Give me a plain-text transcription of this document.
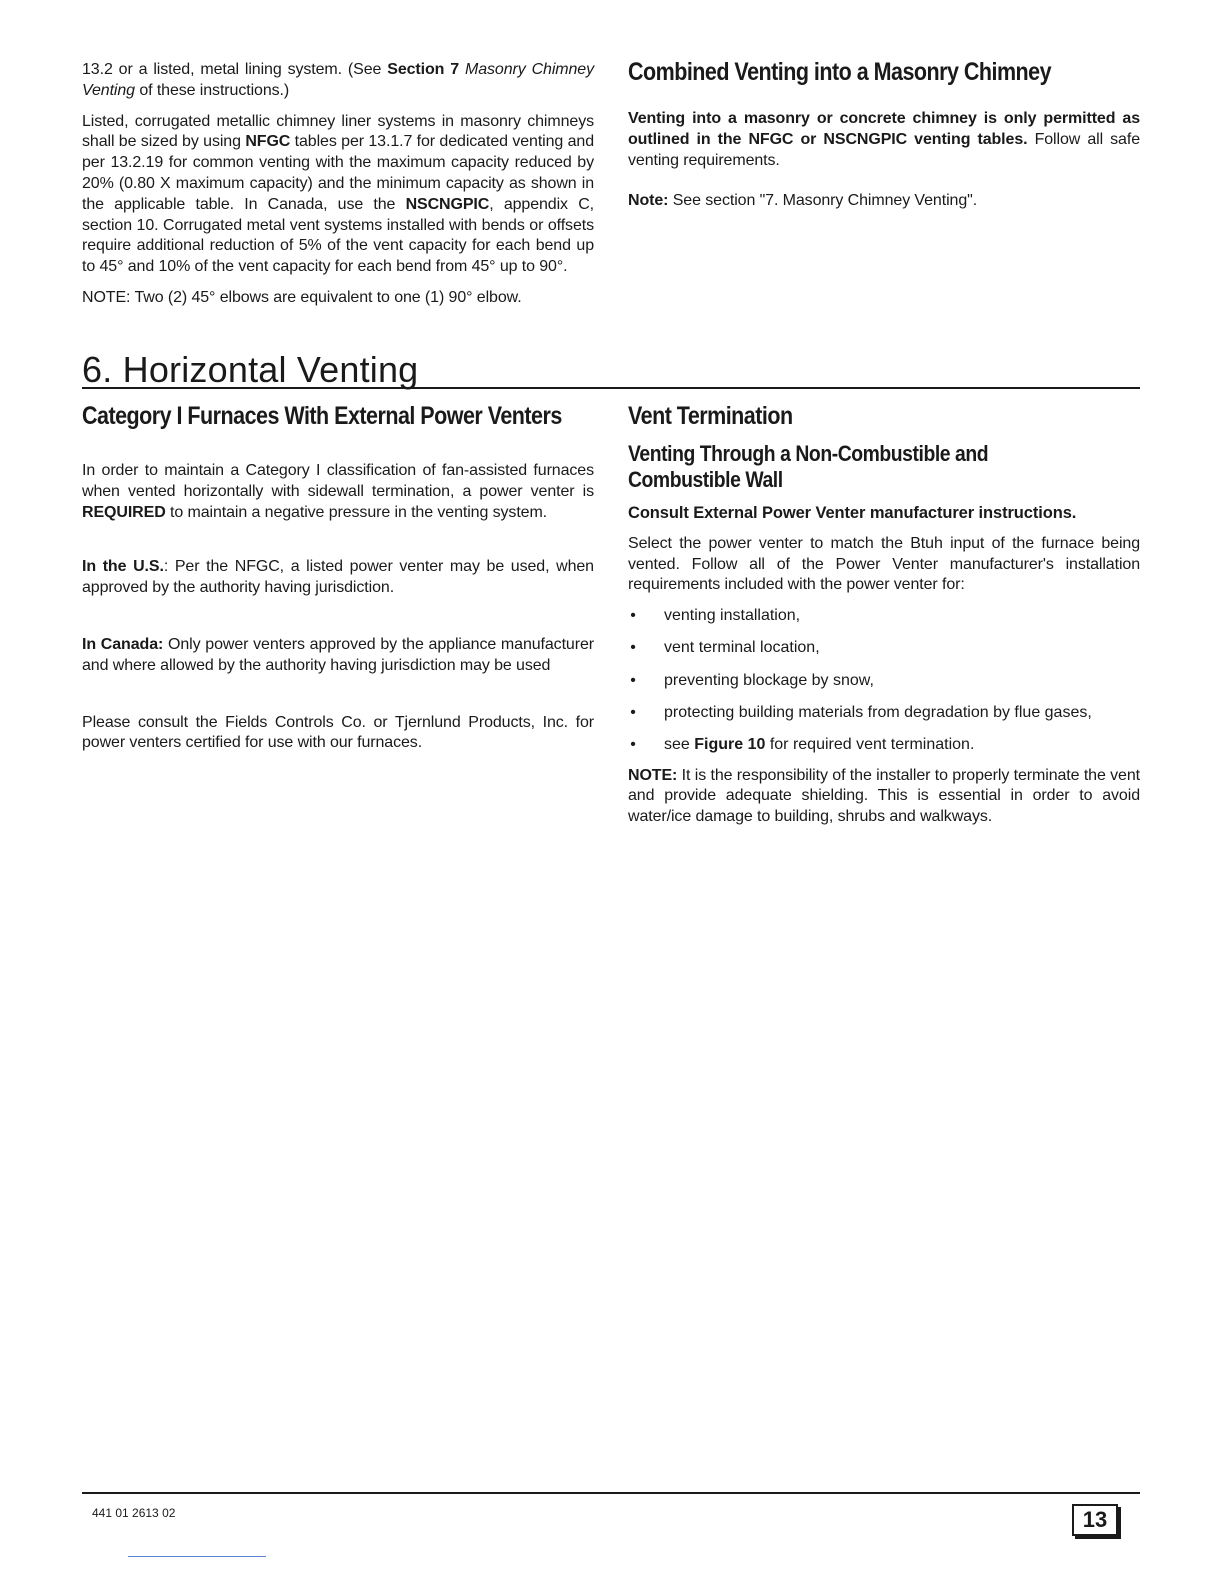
13.2 or a listed, metal lining system. (See Section 7 Masonry Chimney Venting of these instructions.)

Listed, corrugated metallic chimney liner systems in masonry chimneys shall be sized by using NFGC tables per 13.1.7 for dedicated venting and per 13.2.19 for common venting with the maximum capacity reduced by 20% (0.80 X maximum capacity) and the minimum capacity as shown in the applicable table. In Canada, use the NSCNGPIC, appendix C, section 10. Corrugated metal vent systems installed with bends or offsets require additional reduction of 5% of the vent capacity for each bend up to 45° and 10% of the vent capacity for each bend from 45° up to 90°.

NOTE: Two (2) 45° elbows are equivalent to one (1) 90° elbow.

Combined Venting into a Masonry Chimney

Venting into a masonry or concrete chimney is only permitted as outlined in the NFGC or NSCNGPIC venting tables. Follow all safe venting requirements.

Note: See section "7. Masonry Chimney Venting".

6. Horizontal Venting
Category I Furnaces With External Power Venters

In order to maintain a Category I classification of fan-assisted furnaces when vented horizontally with sidewall termination, a power venter is REQUIRED to maintain a negative pressure in the venting system.

In the U.S.: Per the NFGC, a listed power venter may be used, when approved by the authority having jurisdiction.

In Canada: Only power venters approved by the appliance manufacturer and where allowed by the authority having jurisdiction may be used

Please consult the Fields Controls Co. or Tjernlund Products, Inc. for power venters certified for use with our furnaces.

Vent Termination
Venting Through a Non-Combustible and Combustible Wall

Consult External Power Venter manufacturer instructions.

Select the power venter to match the Btuh input of the furnace being vented. Follow all of the Power Venter manufacturer's installation requirements included with the power venter for:

• venting installation,
• vent terminal location,
• preventing blockage by snow,
• protecting building materials from degradation by flue gases,
• see Figure 10 for required vent termination.

NOTE: It is the responsibility of the installer to properly terminate the vent and provide adequate shielding. This is essential in order to avoid water/ice damage to building, shrubs and walkways.

441 01 2613 02	13
